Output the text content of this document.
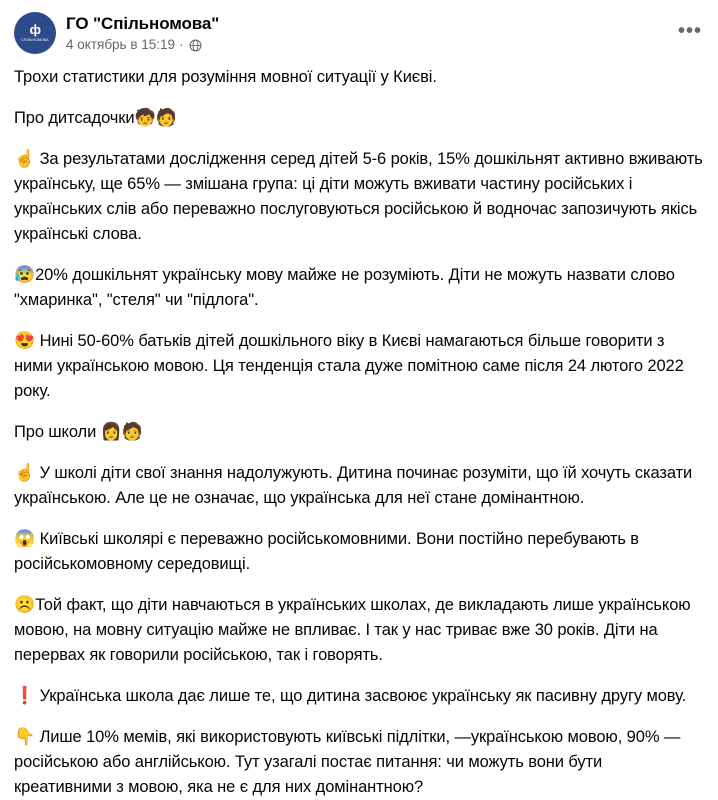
ф
СПІЛЬНОМОВА
ГО "Спільномова"
4 октябрь в 15:19 ·
•••

Трохи статистики для розуміння мовної ситуації у Києві.

Про дитсадочки🧒🧑

☝️ За результатами дослідження серед дітей 5-6 років, 15% дошкільнят активно вживають українську, ще 65% — змішана група: ці діти можуть вживати частину російських і українських слів або переважно послуговуються російською й водночас запозичують якісь українські слова.

😰20% дошкільнят українську мову майже не розуміють. Діти не можуть назвати слово "хмаринка", "стеля" чи "підлога".

😍 Нині 50-60% батьків дітей дошкільного віку в Києві намагаються більше говорити з ними українською мовою. Ця тенденція стала дуже помітною саме після 24 лютого 2022 року.

Про школи 👩🧑

☝️ У школі діти свої знання надолужують. Дитина починає розуміти, що їй хочуть сказати українською. Але це не означає, що українська для неї стане домінантною.

😱 Київські школярі є переважно російськомовними. Вони постійно перебувають в російськомовному середовищі.

☹️Той факт, що діти навчаються в українських школах, де викладають лише українською мовою, на мовну ситуацію майже не впливає. І так у нас триває вже 30 років. Діти на перервах як говорили російською, так і говорять.

❗ Українська школа дає лише те, що дитина засвоює українську як пасивну другу мову.

👇 Лише 10% мемів, які використовують київські підлітки, —українською мовою, 90% — російською або англійською. Тут узагалі постає питання: чи можуть вони бути креативними з мовою, яка не є для них домінантною?
